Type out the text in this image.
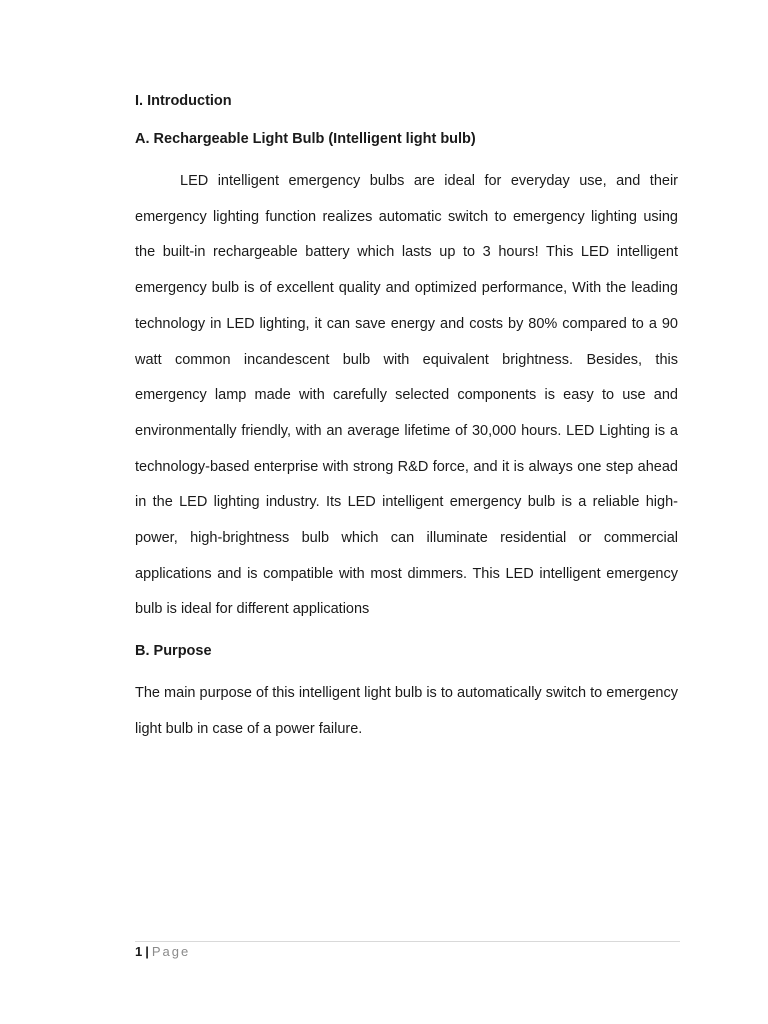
I. Introduction

A. Rechargeable Light Bulb (Intelligent light bulb)

LED intelligent emergency bulbs are ideal for everyday use, and their emergency lighting function realizes automatic switch to emergency lighting using the built-in rechargeable battery which lasts up to 3 hours! This LED intelligent emergency bulb is of excellent quality and optimized performance, With the leading technology in LED lighting, it can save energy and costs by 80% compared to a 90 watt common incandescent bulb with equivalent brightness. Besides, this emergency lamp made with carefully selected components is easy to use and environmentally friendly, with an average lifetime of 30,000 hours. LED Lighting is a technology-based enterprise with strong R&D force, and it is always one step ahead in the LED lighting industry. Its LED intelligent emergency bulb is a reliable high-power, high-brightness bulb which can illuminate residential or commercial applications and is compatible with most dimmers. This LED intelligent emergency bulb is ideal for different applications

B. Purpose

The main purpose of this intelligent light bulb is to automatically switch to emergency light bulb in case of a power failure.

1 | Page
